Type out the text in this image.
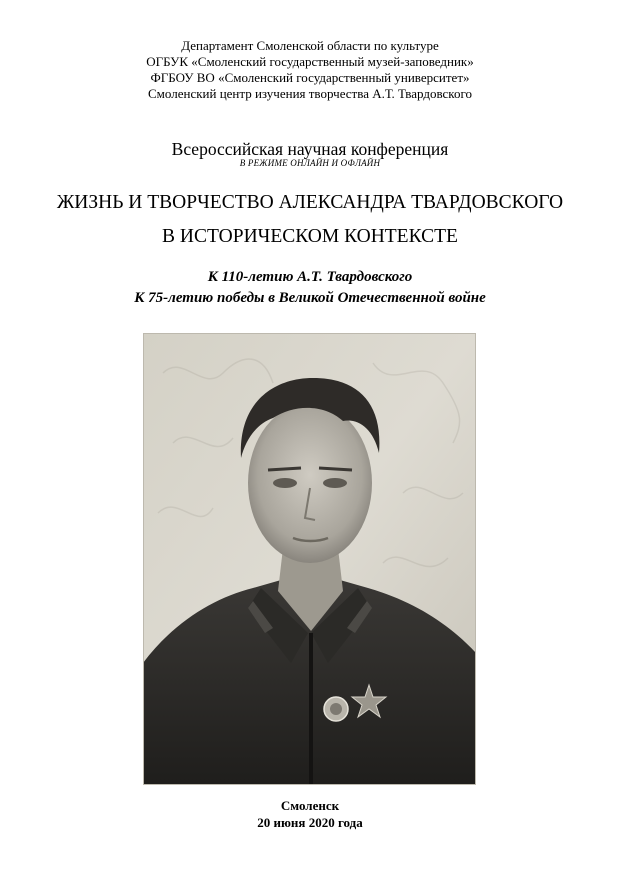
Департамент Смоленской области по культуре
ОГБУК «Смоленский государственный музей-заповедник»
ФГБОУ ВО «Смоленский государственный университет»
Смоленский центр изучения творчества А.Т. Твардовского
Всероссийская научная конференция
В РЕЖИМЕ ОНЛАЙН И ОФЛАЙН
ЖИЗНЬ И ТВОРЧЕСТВО АЛЕКСАНДРА ТВАРДОВСКОГО
В ИСТОРИЧЕСКОМ КОНТЕКСТЕ
К 110-летию А.Т. Твардовского
К 75-летию победы в Великой Отечественной войне
Смоленск
20 июня 2020 года
